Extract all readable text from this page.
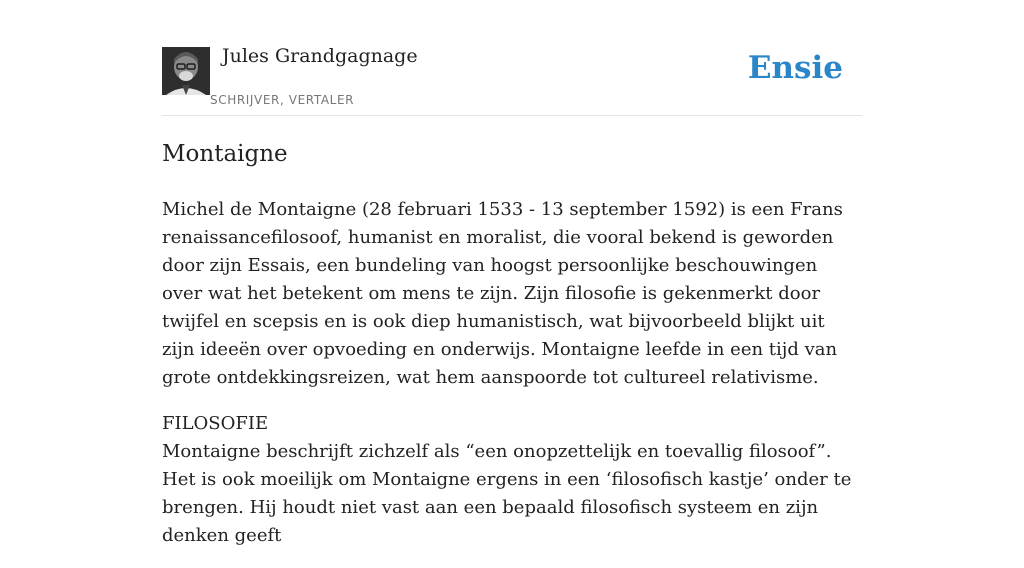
Jules Grandgagnage
SCHRIJVER, VERTALER
Ensie
Montaigne

Michel de Montaigne (28 februari 1533 - 13 september 1592) is een Frans renaissancefilosoof, humanist en moralist, die vooral bekend is geworden door zijn Essais, een bundeling van hoogst persoonlijke beschouwingen over wat het betekent om mens te zijn. Zijn filosofie is gekenmerkt door twijfel en scepsis en is ook diep humanistisch, wat bijvoorbeeld blijkt uit zijn ideeën over opvoeding en onderwijs. Montaigne leefde in een tijd van grote ontdekkingsreizen, wat hem aanspoorde tot cultureel relativisme.

FILOSOFIE

Montaigne beschrijft zichzelf als “een onopzettelijk en toevallig filosoof”. Het is ook moeilijk om Montaigne ergens in een ‘filosofisch kastje’ onder te brengen. Hij houdt niet vast aan een bepaald filosofisch systeem en zijn denken geeft
